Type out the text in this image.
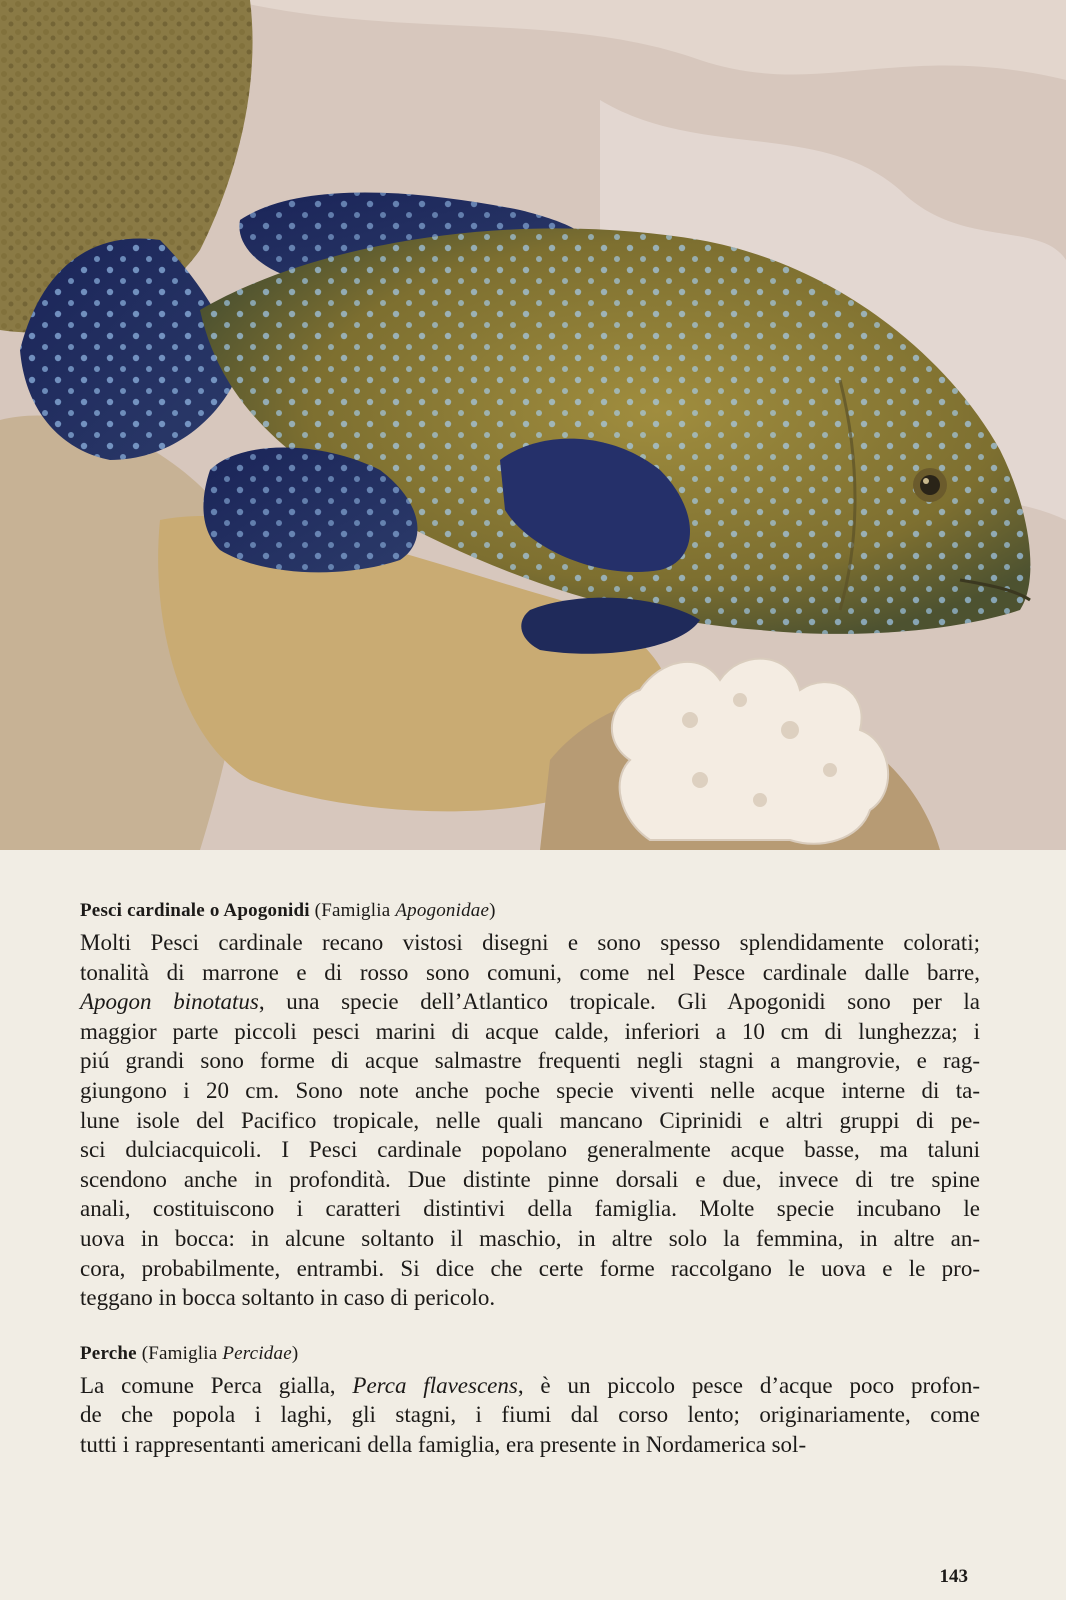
Pesci cardinale o Apogonidi (Famiglia Apogonidae)

Molti Pesci cardinale recano vistosi disegni e sono spesso splendidamente colorati;
tonalità di marrone e di rosso sono comuni, come nel Pesce cardinale dalle barre,
Apogon binotatus, una specie dell’Atlantico tropicale. Gli Apogonidi sono per la
maggior parte piccoli pesci marini di acque calde, inferiori a 10 cm di lunghezza; i
piú grandi sono forme di acque salmastre frequenti negli stagni a mangrovie, e rag-
giungono i 20 cm. Sono note anche poche specie viventi nelle acque interne di ta-
lune isole del Pacifico tropicale, nelle quali mancano Ciprinidi e altri gruppi di pe-
sci dulciacquicoli. I Pesci cardinale popolano generalmente acque basse, ma taluni
scendono anche in profondità. Due distinte pinne dorsali e due, invece di tre spine
anali, costituiscono i caratteri distintivi della famiglia. Molte specie incubano le
uova in bocca: in alcune soltanto il maschio, in altre solo la femmina, in altre an-
cora, probabilmente, entrambi. Si dice che certe forme raccolgano le uova e le pro-
teggano in bocca soltanto in caso di pericolo.

Perche (Famiglia Percidae)

La comune Perca gialla, Perca flavescens, è un piccolo pesce d’acque poco profon-
de che popola i laghi, gli stagni, i fiumi dal corso lento; originariamente, come
tutti i rappresentanti americani della famiglia, era presente in Nordamerica sol-
143
